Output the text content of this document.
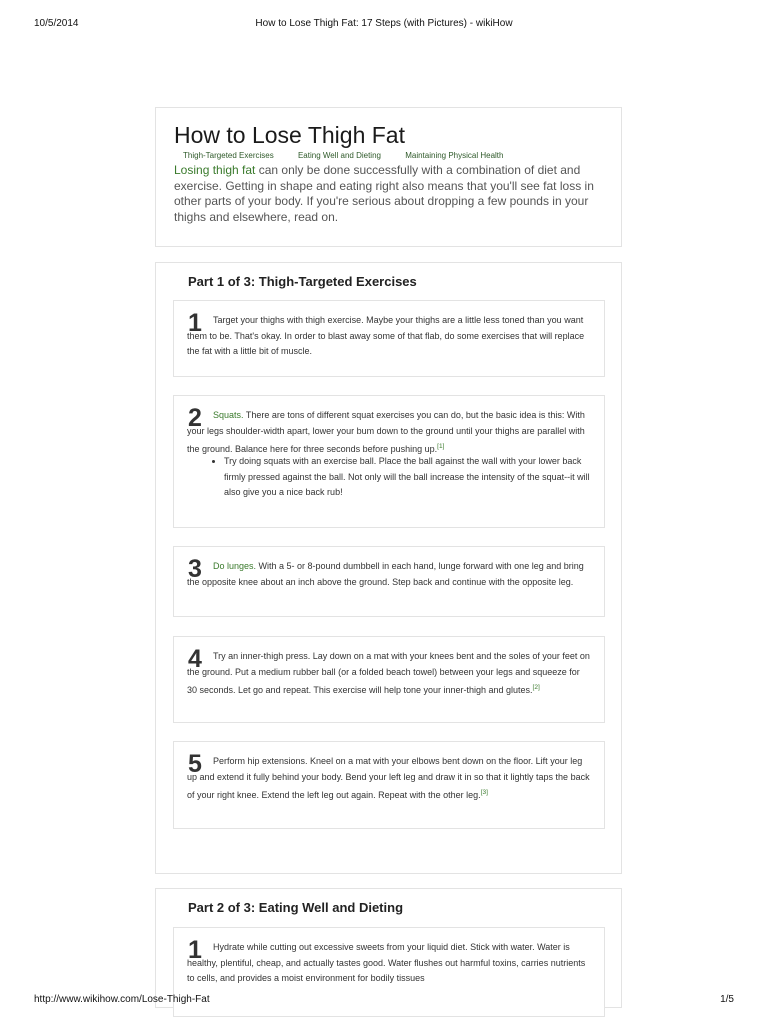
10/5/2014	How to Lose Thigh Fat: 17 Steps (with Pictures) - wikiHow
How to Lose Thigh Fat
Thigh-Targeted Exercises	Eating Well and Dieting	Maintaining Physical Health

Losing thigh fat can only be done successfully with a combination of diet and exercise. Getting in shape and eating right also means that you'll see fat loss in other parts of your body. If you're serious about dropping a few pounds in your thighs and elsewhere, read on.

Part 1 of 3: Thigh-Targeted Exercises
1	Target your thighs with thigh exercise. Maybe your thighs are a little less toned than you want them to be. That's okay. In order to blast away some of that flab, do some exercises that will replace the fat with a little bit of muscle.

2	Squats. There are tons of different squat exercises you can do, but the basic idea is this: With your legs shoulder-width apart, lower your bum down to the ground until your thighs are parallel with the ground. Balance here for three seconds before pushing up.[1]

• Try doing squats with an exercise ball. Place the ball against the wall with your lower back firmly pressed against the ball. Not only will the ball increase the intensity of the squat--it will also give you a nice back rub!
3	Do lunges. With a 5- or 8-pound dumbbell in each hand, lunge forward with one leg and bring the opposite knee about an inch above the ground. Step back and continue with the opposite leg.

4	Try an inner-thigh press. Lay down on a mat with your knees bent and the soles of your feet on the ground. Put a medium rubber ball (or a folded beach towel) between your legs and squeeze for 30 seconds. Let go and repeat. This exercise will help tone your inner-thigh and glutes.[2]

5	Perform hip extensions. Kneel on a mat with your elbows bent down on the floor. Lift your leg up and extend it fully behind your body. Bend your left leg and draw it in so that it lightly taps the back of your right knee. Extend the left leg out again. Repeat with the other leg.[3]

Part 2 of 3: Eating Well and Dieting
1	Hydrate while cutting out excessive sweets from your liquid diet. Stick with water. Water is healthy, plentiful, cheap, and actually tastes good. Water flushes out harmful toxins, carries nutrients to cells, and provides a moist environment for bodily tissues

http://www.wikihow.com/Lose-Thigh-Fat	1/5
